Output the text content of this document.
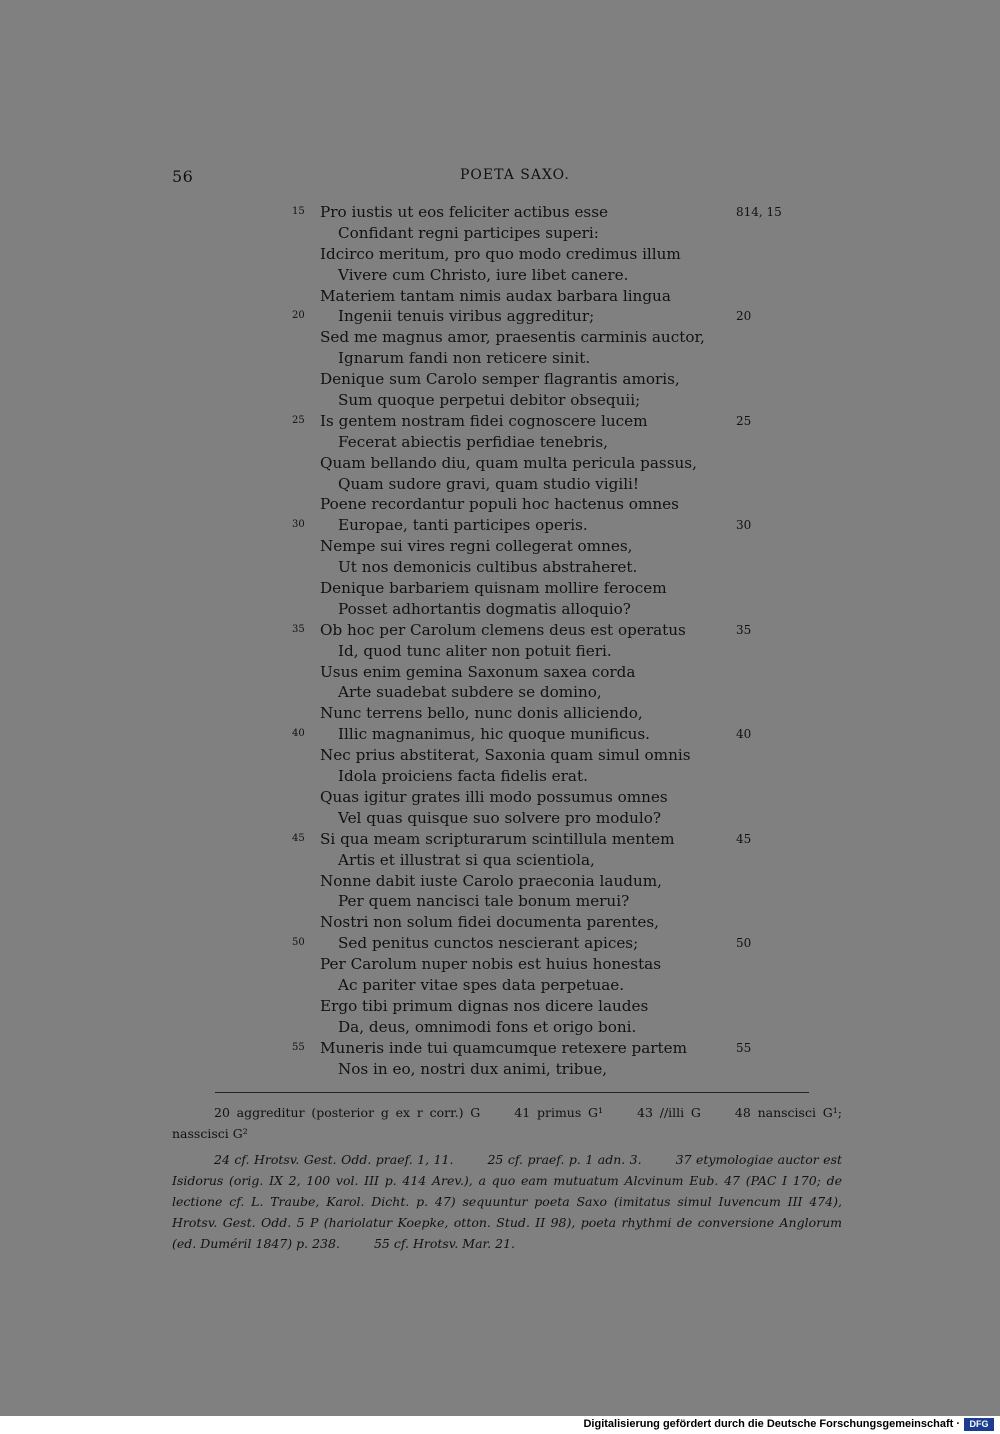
56	POETA SAXO.
15 Pro iustis ut eos feliciter actibus esse	814, 15
Confidant regni participes superi:
Idcirco meritum, pro quo modo credimus illum
Vivere cum Christo, iure libet canere.
Materiem tantam nimis audax barbara lingua
20 Ingenii tenuis viribus aggreditur;	20
Sed me magnus amor, praesentis carminis auctor,
Ignarum fandi non reticere sinit.
Denique sum Carolo semper flagrantis amoris,
Sum quoque perpetui debitor obsequii;
25 Is gentem nostram fidei cognoscere lucem	25
Fecerat abiectis perfidiae tenebris,
Quam bellando diu, quam multa pericula passus,
Quam sudore gravi, quam studio vigili!
Poene recordantur populi hoc hactenus omnes
30 Europae, tanti participes operis.	30
Nempe sui vires regni collegerat omnes,
Ut nos demonicis cultibus abstraheret.
Denique barbariem quisnam mollire ferocem
Posset adhortantis dogmatis alloquio?
35 Ob hoc per Carolum clemens deus est operatus	35
Id, quod tunc aliter non potuit fieri.
Usus enim gemina Saxonum saxea corda
Arte suadebat subdere se domino,
Nunc terrens bello, nunc donis alliciendo,
40 Illic magnanimus, hic quoque munificus.	40
Nec prius abstiterat, Saxonia quam simul omnis
Idola proiciens facta fidelis erat.
Quas igitur grates illi modo possumus omnes
Vel quas quisque suo solvere pro modulo?
45 Si qua meam scripturarum scintillula mentem	45
Artis et illustrat si qua scientiola,
Nonne dabit iuste Carolo praeconia laudum,
Per quem nancisci tale bonum merui?
Nostri non solum fidei documenta parentes,
50 Sed penitus cunctos nescierant apices;	50
Per Carolum nuper nobis est huius honestas
Ac pariter vitae spes data perpetuae.
Ergo tibi primum dignas nos dicere laudes
Da, deus, omnimodi fons et origo boni.
55 Muneris inde tui quamcumque retexere partem	55
Nos in eo, nostri dux animi, tribue,
20 aggreditur (posterior g ex r corr.) G	41 primus G¹	43 //illi G	48 nanscisci G¹; nasscisci G²
24 cf. Hrotsv. Gest. Odd. praef. 1, 11.	25 cf. praef. p. 1 adn. 3.	37 etymologiae auctor est Isidorus (orig. IX 2, 100 vol. III p. 414 Arev.), a quo eam mutuatum Alcvinum Eub. 47 (PAC I 170; de lectione cf. L. Traube, Karol. Dicht. p. 47) sequuntur poeta Saxo (imitatus simul Iuvencum III 474), Hrotsv. Gest. Odd. 5 P (hariolatur Koepke, otton. Stud. II 98), poeta rhythmi de conversione Anglorum (ed. Duméril 1847) p. 238.	55 cf. Hrotsv. Mar. 21.
Digitalisierung gefördert durch die Deutsche Forschungsgemeinschaft ·	DFG
